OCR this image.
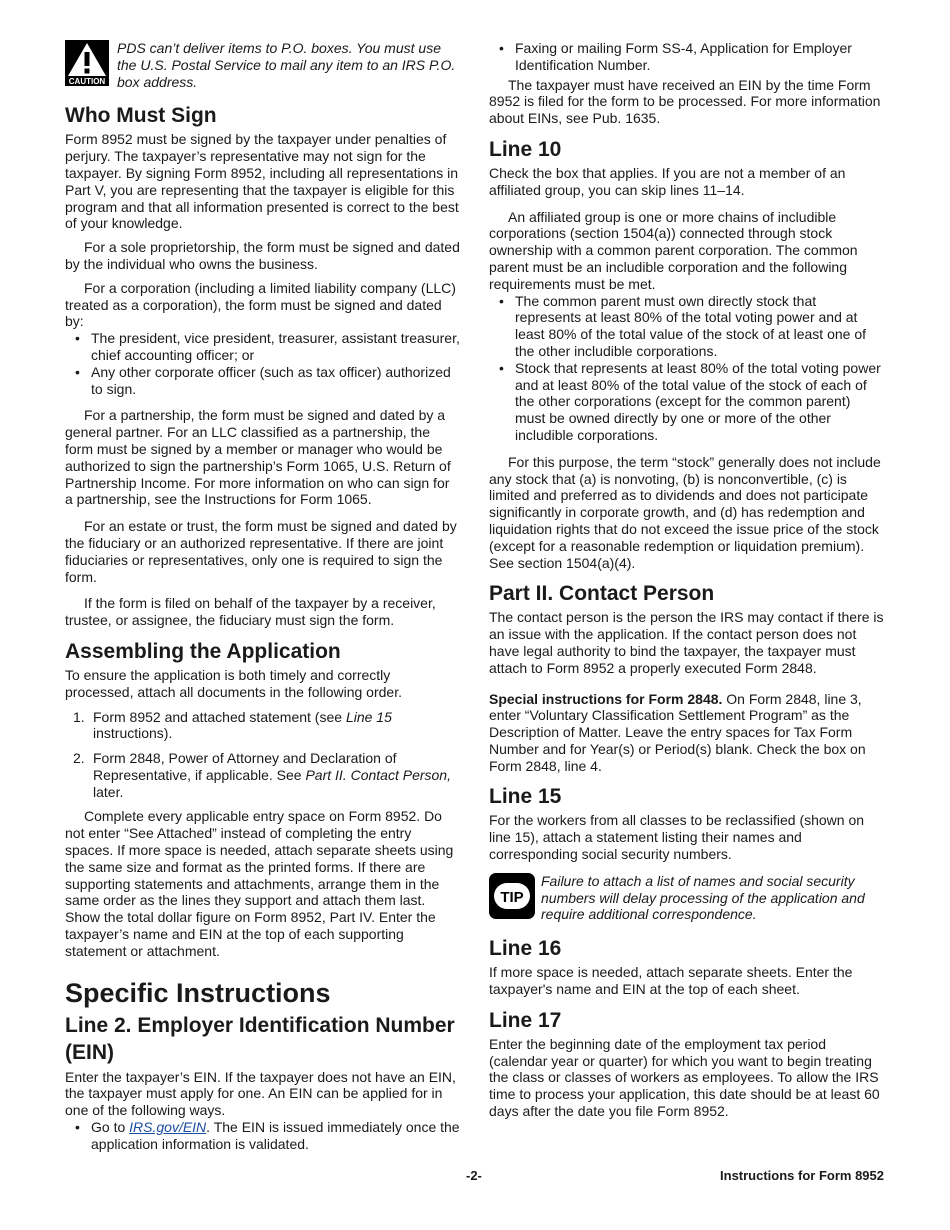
CAUTION
PDS can’t deliver items to P.O. boxes. You must use the U.S. Postal Service to mail any item to an IRS P.O. box address.
Who Must Sign

Form 8952 must be signed by the taxpayer under penalties of perjury. The taxpayer’s representative may not sign for the taxpayer. By signing Form 8952, including all representations in Part V, you are representing that the taxpayer is eligible for this program and that all information presented is correct to the best of your knowledge.

For a sole proprietorship, the form must be signed and dated by the individual who owns the business.

For a corporation (including a limited liability company (LLC) treated as a corporation), the form must be signed and dated by:

• The president, vice president, treasurer, assistant treasurer, chief accounting officer; or
• Any other corporate officer (such as tax officer) authorized to sign.

For a partnership, the form must be signed and dated by a general partner. For an LLC classified as a partnership, the form must be signed by a member or manager who would be authorized to sign the partnership’s Form 1065, U.S. Return of Partnership Income. For more information on who can sign for a partnership, see the Instructions for Form 1065.

For an estate or trust, the form must be signed and dated by the fiduciary or an authorized representative. If there are joint fiduciaries or representatives, only one is required to sign the form.

If the form is filed on behalf of the taxpayer by a receiver, trustee, or assignee, the fiduciary must sign the form.

Assembling the Application

To ensure the application is both timely and correctly processed, attach all documents in the following order.

1. Form 8952 and attached statement (see Line 15 instructions).
2. Form 2848, Power of Attorney and Declaration of Representative, if applicable. See Part II. Contact Person, later.

Complete every applicable entry space on Form 8952. Do not enter “See Attached” instead of completing the entry spaces. If more space is needed, attach separate sheets using the same size and format as the printed forms. If there are supporting statements and attachments, arrange them in the same order as the lines they support and attach them last. Show the total dollar figure on Form 8952, Part IV. Enter the taxpayer’s name and EIN at the top of each supporting statement or attachment.

Specific Instructions
Line 2. Employer Identification Number (EIN)

Enter the taxpayer’s EIN. If the taxpayer does not have an EIN, the taxpayer must apply for one. An EIN can be applied for in one of the following ways.

• Go to IRS.gov/EIN. The EIN is issued immediately once the application information is validated.
• Faxing or mailing Form SS-4, Application for Employer Identification Number.

The taxpayer must have received an EIN by the time Form 8952 is filed for the form to be processed. For more information about EINs, see Pub. 1635.

Line 10

Check the box that applies. If you are not a member of an affiliated group, you can skip lines 11–14.

An affiliated group is one or more chains of includible corporations (section 1504(a)) connected through stock ownership with a common parent corporation. The common parent must be an includible corporation and the following requirements must be met.

• The common parent must own directly stock that represents at least 80% of the total voting power and at least 80% of the total value of the stock of at least one of the other includible corporations.
• Stock that represents at least 80% of the total voting power and at least 80% of the total value of the stock of each of the other corporations (except for the common parent) must be owned directly by one or more of the other includible corporations.

For this purpose, the term “stock” generally does not include any stock that (a) is nonvoting, (b) is nonconvertible, (c) is limited and preferred as to dividends and does not participate significantly in corporate growth, and (d) has redemption and liquidation rights that do not exceed the issue price of the stock (except for a reasonable redemption or liquidation premium). See section 1504(a)(4).

Part II. Contact Person

The contact person is the person the IRS may contact if there is an issue with the application. If the contact person does not have legal authority to bind the taxpayer, the taxpayer must attach to Form 8952 a properly executed Form 2848.

Special instructions for Form 2848. On Form 2848, line 3, enter “Voluntary Classification Settlement Program” as the Description of Matter. Leave the entry spaces for Tax Form Number and for Year(s) or Period(s) blank. Check the box on Form 2848, line 4.

Line 15

For the workers from all classes to be reclassified (shown on line 15), attach a statement listing their names and corresponding social security numbers.

TIP
Failure to attach a list of names and social security numbers will delay processing of the application and require additional correspondence.
Line 16

If more space is needed, attach separate sheets. Enter the taxpayer's name and EIN at the top of each sheet.

Line 17

Enter the beginning date of the employment tax period (calendar year or quarter) for which you want to begin treating the class or classes of workers as employees. To allow the IRS time to process your application, this date should be at least 60 days after the date you file Form 8952.

-2-	Instructions for Form 8952
